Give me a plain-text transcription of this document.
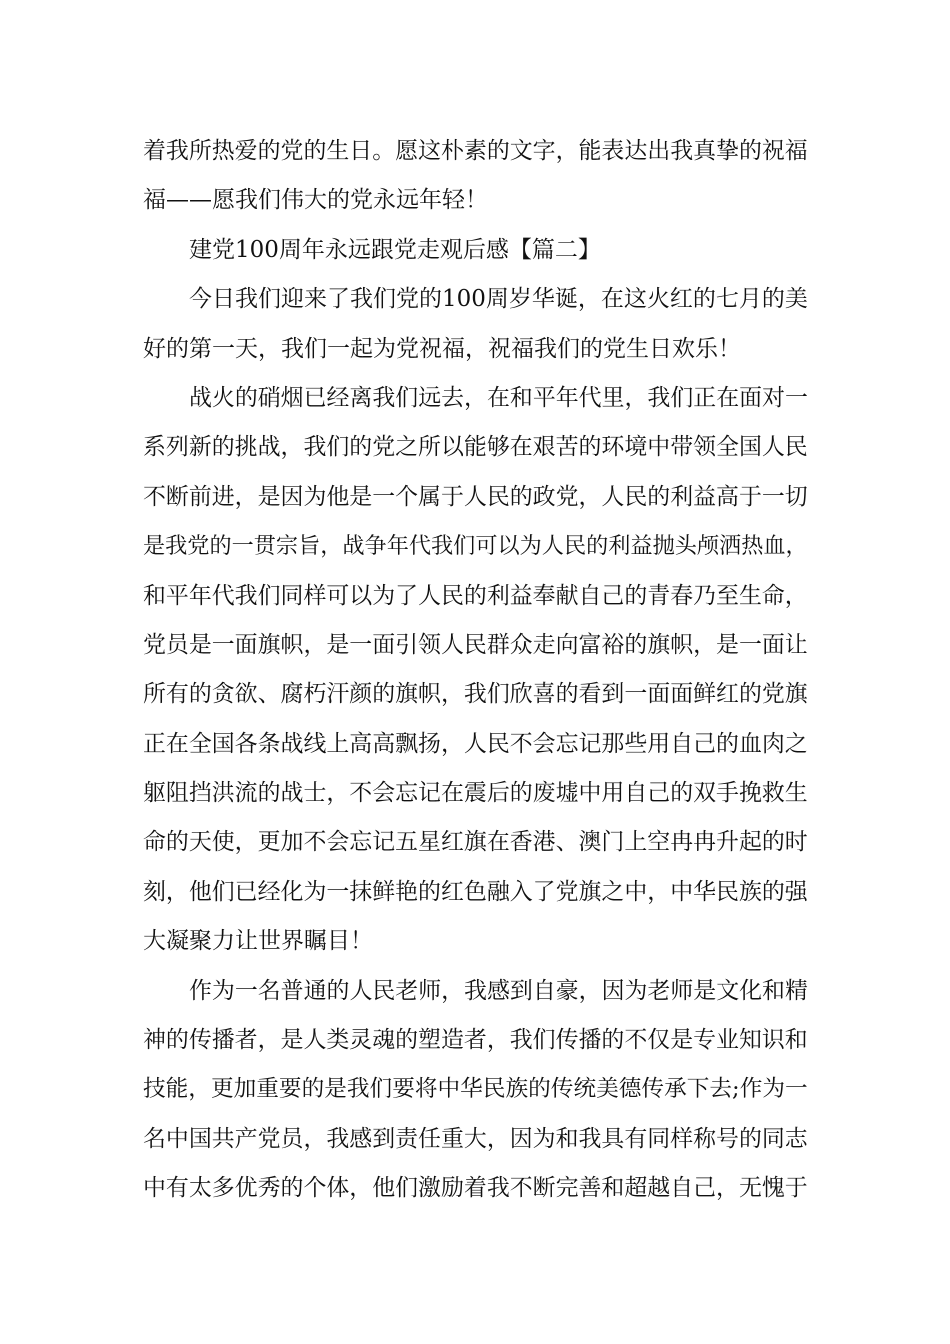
着我所热爱的党的生日。愿这朴素的文字，能表达出我真挚的祝福
福——愿我们伟大的党永远年轻！
建党100周年永远跟党走观后感【篇二】
今日我们迎来了我们党的100周岁华诞，在这火红的七月的美
好的第一天，我们一起为党祝福，祝福我们的党生日欢乐！
战火的硝烟已经离我们远去，在和平年代里，我们正在面对一
系列新的挑战，我们的党之所以能够在艰苦的环境中带领全国人民
不断前进，是因为他是一个属于人民的政党，人民的利益高于一切
是我党的一贯宗旨，战争年代我们可以为人民的利益抛头颅洒热血，
和平年代我们同样可以为了人民的利益奉献自己的青春乃至生命，
党员是一面旗帜，是一面引领人民群众走向富裕的旗帜，是一面让
所有的贪欲、腐朽汗颜的旗帜，我们欣喜的看到一面面鲜红的党旗
正在全国各条战线上高高飘扬，人民不会忘记那些用自己的血肉之
躯阻挡洪流的战士，不会忘记在震后的废墟中用自己的双手挽救生
命的天使，更加不会忘记五星红旗在香港、澳门上空冉冉升起的时
刻，他们已经化为一抹鲜艳的红色融入了党旗之中，中华民族的强
大凝聚力让世界瞩目！
作为一名普通的人民老师，我感到自豪，因为老师是文化和精
神的传播者，是人类灵魂的塑造者，我们传播的不仅是专业知识和
技能，更加重要的是我们要将中华民族的传统美德传承下去;作为一
名中国共产党员，我感到责任重大，因为和我具有同样称号的同志
中有太多优秀的个体，他们激励着我不断完善和超越自己，无愧于
